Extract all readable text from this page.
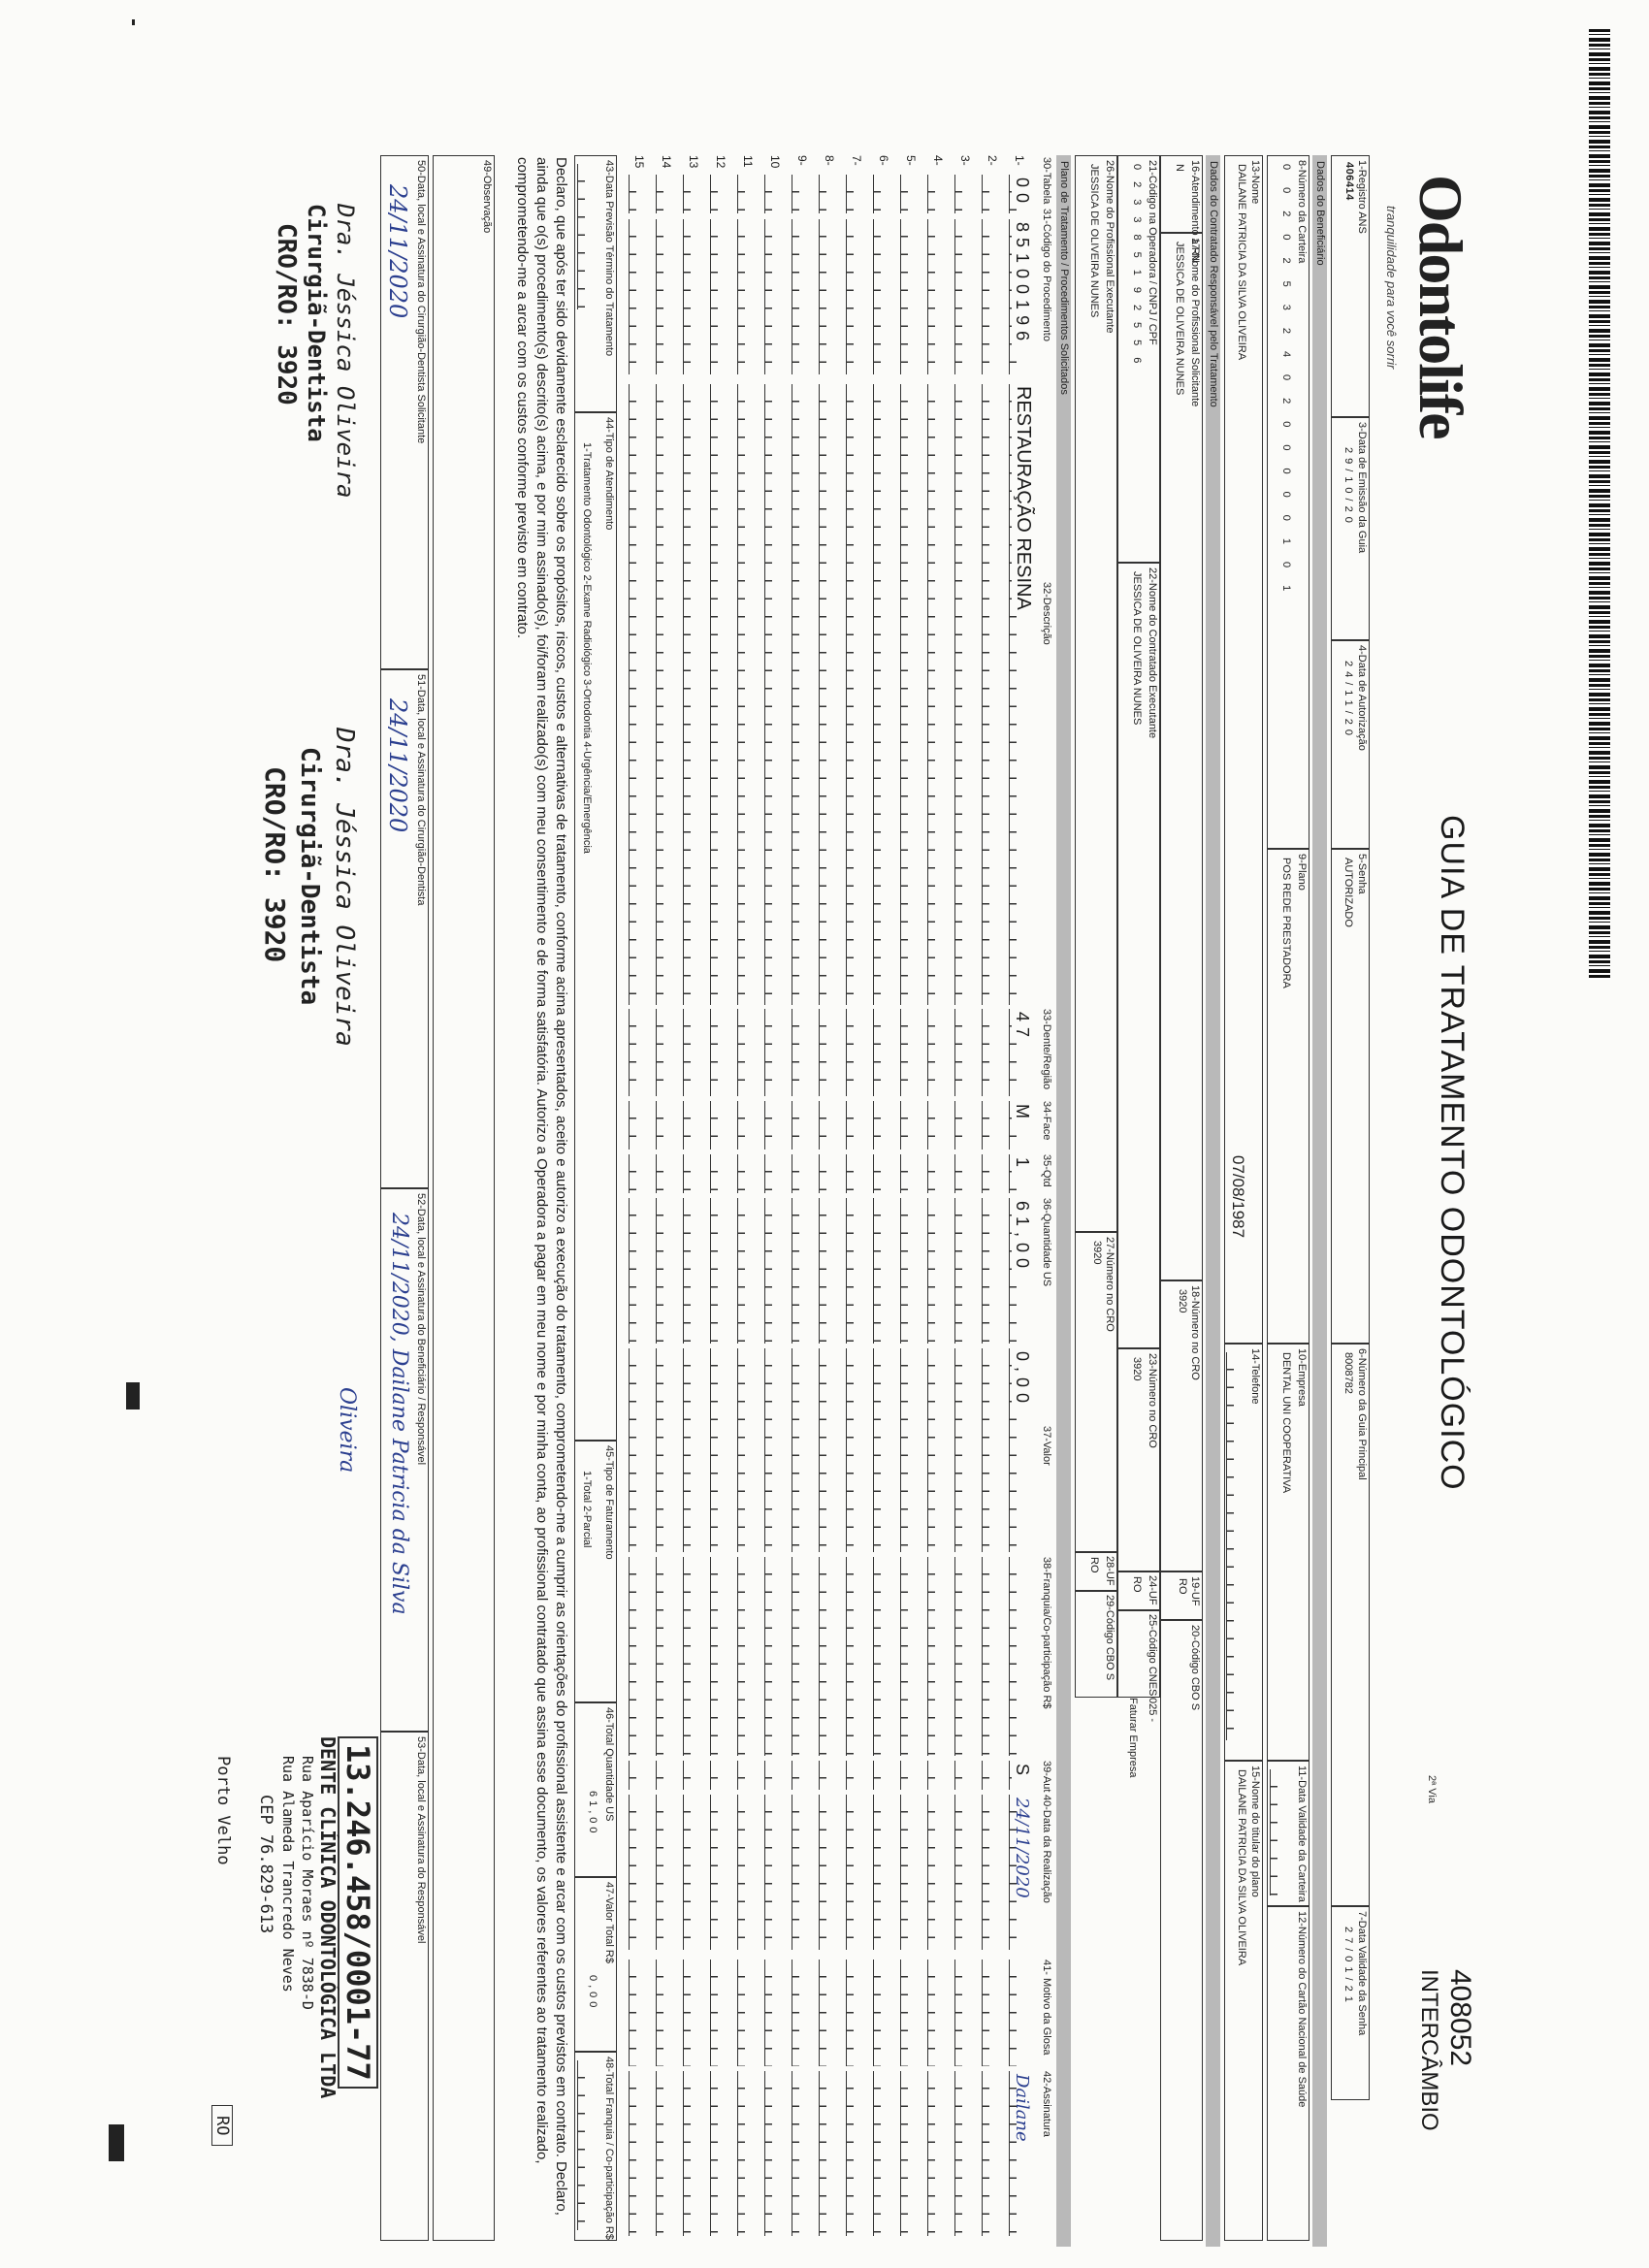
Odontolife
tranquilidade para você sorrir
GUIA DE TRATAMENTO ODONTOLÓGICO
2ª Via
408052
INTERCÂMBIO
1-Registro ANS
406414
3-Data de Emissão da Guia
29/10/20
4-Data de Autorização
24/11/20
5-Senha
AUTORIZADO
6-Número da Guia Principal
8008782
7-Data Validade da Senha
27/01/21
Dados do Beneficiário
8-Número da Carteira
0020253240200000101
9-Plano
POS REDE PRESTADORA
10-Empresa
DENTAL UNI COOPERATIVA
11-Data Validade da Carteira
12-Número do Cartão Nacional de Saúde
13-Nome
DAILANE PATRICIA DA SILVA OLIVEIRA
07/08/1987
14-Telefone
15-Nome do titular do plano
DAILANE PATRICIA DA SILVA OLIVEIRA
Dados do Contratado Responsável pelo Tratamento
16-Atendimento a RN
N
17-Nome do Profissional Solicitante
JESSICA DE OLIVEIRA NUNES
18-Número no CRO
3920
19-UF
RO
20-Código CBO S
025 -
Faturar Empresa
21-Código na Operadora / CNPJ / CPF
023385192556
22-Nome do Contratado Executante
JESSICA DE OLIVEIRA NUNES
23-Número no CRO
3920
24-UF
RO
25-Código CNES
26-Nome do Profissional Executante
JESSICA DE OLIVEIRA NUNES
27-Número no CRO
3920
28-UF
RO
29-Código CBO S
Plano de Tratamento / Procedimentos Solicitados
30-Tabela
31-Código do Procedimento
32-Descrição
33-Dente/Região
34-Face
35-Qtd
36-Quantidade US
37-Valor
38-Franquia/Co-participação R$
39-Aut
40-Data da Realização
41- Motivo da Glosa
42-Assinatura
1-
00
85100196
RESTAURAÇÃO RESINA
47
M
1
61,00
0,00
S
24/11/2020
Dailane
2-
3-
4-
5-
6-
7-
8-
9-
10
11
12
13
14
15
43-Data Previsão Término do Tratamento
44-Tipo de Atendimento
1-Tratamento Odontológico 2-Exame Radiológico 3-Ortodontia 4-Urgência/Emergência
45-Tipo de Faturamento
1-Total 2-Parcial
46-Total Quantidade US
61,00
47-Valor Total R$
0,00
48-Total Franquia / Co-participação R$
Declaro, que após ter sido devidamente esclarecido sobre os propósitos, riscos, custos e alternativas de tratamento, conforme acima apresentados, aceito e autorizo a execução do tratamento, comprometendo-me a cumprir as orientações do profissional assistente e arcar com os custos previstos em contrato. Declaro, ainda que o(s) procedimento(s) descrito(s) acima, e por mim assinado(s), foi/foram realizado(s) com meu consentimento e de forma satisfatória. Autorizo a Operadora a pagar em meu nome e por minha conta, ao profissional contratado que assina esse documento, os valores referentes ao tratamento realizado, comprometendo-me a arcar com os custos conforme previsto em contrato.
49-Observação
50-Data, local e Assinatura do Cirurgião-Dentista Solicitante
51-Data, local e Assinatura do Cirurgião-Dentista
52-Data, local e Assinatura do Beneficiário / Responsável
53-Data, local e Assinatura do Responsável
24/11/2020
24/11/2020
24/11/2020, Dailane Patricia da Silva
Oliveira
Dra. Jéssica Oliveira
Cirurgiã-Dentista
CRO/RO: 3920
Dra. Jéssica Oliveira
Cirurgiã-Dentista
CRO/RO: 3920
13.246.458/0001-77
DENTE CLÍNICA ODONTOLÓGICA LTDA
Rua Aparício Moraes nº 7838-D
Rua Alameda Trancredo Neves
CEP 76.829-613
Porto Velho
RO
